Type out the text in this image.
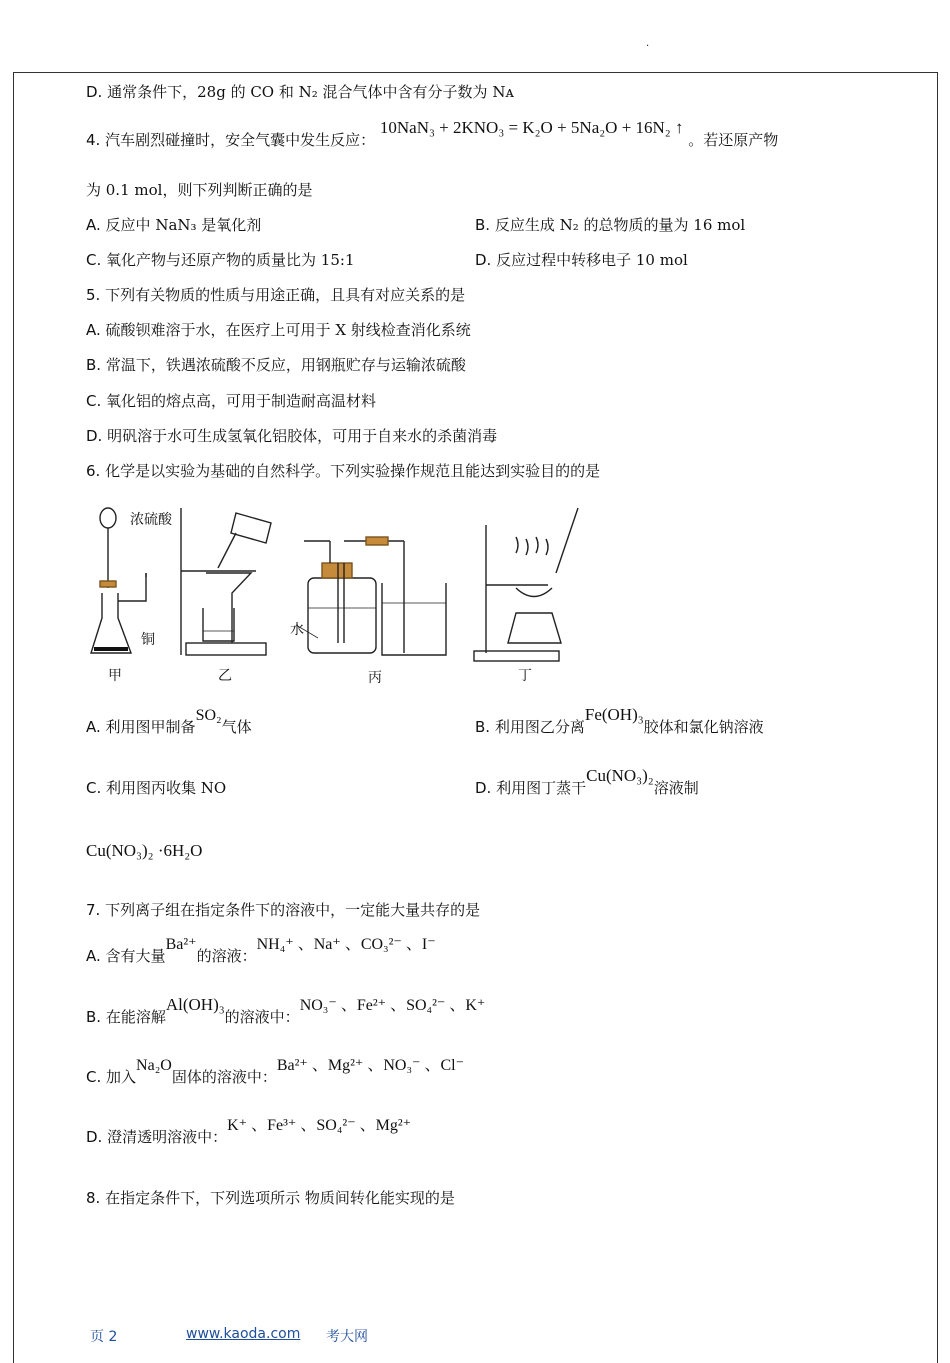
.
D. 通常条件下，28g 的 CO 和 N₂ 混合气体中含有分子数为 Nᴀ
4. 汽车剧烈碰撞时，安全气囊中发生反应： 10NaN₃ + 2KNO₃ = K₂O + 5Na₂O + 16N₂ ↑ 。若还原产物
为 0.1 mol，则下列判断正确的是
A. 反应中 NaN₃ 是氧化剂	B. 反应生成 N₂ 的总物质的量为 16 mol
C. 氧化产物与还原产物的质量比为 15:1	D. 反应过程中转移电子 10 mol
5. 下列有关物质的性质与用途正确，且具有对应关系的是
A. 硫酸钡难溶于水，在医疗上可用于 X 射线检查消化系统
B. 常温下，铁遇浓硫酸不反应，用钢瓶贮存与运输浓硫酸
C. 氧化铝的熔点高，可用于制造耐高温材料
D. 明矾溶于水可生成氢氧化铝胶体，可用于自来水的杀菌消毒
6. 化学是以实验为基础的自然科学。下列实验操作规范且能达到实验目的的是
浓硫酸
铜
水
甲	乙	丙	丁
A. 利用图甲制备SO₂气体	B. 利用图乙分离Fe(OH)₃胶体和氯化钠溶液
C. 利用图丙收集 NO	D. 利用图丁蒸干Cu(NO₃)₂溶液制
Cu(NO₃)₂ ·6H₂O
7. 下列离子组在指定条件下的溶液中，一定能大量共存的是
A. 含有大量Ba²⁺的溶液：NH₄⁺ 、Na⁺ 、CO₃²⁻ 、I⁻
B. 在能溶解Al(OH)₃的溶液中：NO₃⁻ 、Fe²⁺ 、SO₄²⁻ 、K⁺
C. 加入Na₂O固体的溶液中：Ba²⁺ 、Mg²⁺ 、NO₃⁻ 、Cl⁻
D. 澄清透明溶液中：K⁺ 、Fe³⁺ 、SO₄²⁻ 、Mg²⁺
8. 在指定条件下，下列选项所示 物质间转化能实现的是
页 2	www.kaoda.com 考大网
